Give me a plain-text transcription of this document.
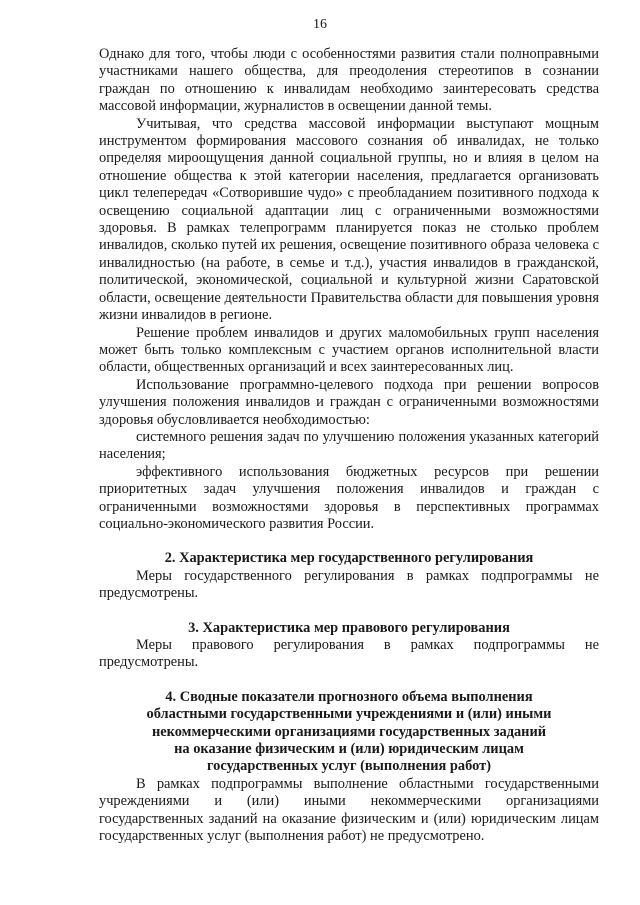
16

Однако для того, чтобы люди с особенностями развития стали полноправными участниками нашего общества, для преодоления стереотипов в сознании граждан по отношению к инвалидам необходимо заинтересовать средства массовой информации, журналистов в освещении данной темы.

Учитывая, что средства массовой информации выступают мощным инструментом формирования массового сознания об инвалидах, не только определяя мироощущения данной социальной группы, но и влияя в целом на отношение общества к этой категории населения, предлагается организовать цикл телепередач «Сотворившие чудо» с преобладанием позитивного подхода к освещению социальной адаптации лиц с ограниченными возможностями здоровья. В рамках телепрограмм планируется показ не столько проблем инвалидов, сколько путей их решения, освещение позитивного образа человека с инвалидностью (на работе, в семье и т.д.), участия инвалидов в гражданской, политической, экономической, социальной и культурной жизни Саратовской области, освещение деятельности Правительства области для повышения уровня жизни инвалидов в регионе.

Решение проблем инвалидов и других маломобильных групп населения может быть только комплексным с участием органов исполнительной власти области, общественных организаций и всех заинтересованных лиц.

Использование программно-целевого подхода при решении вопросов улучшения положения инвалидов и граждан с ограниченными возможностями здоровья обусловливается необходимостью:

системного решения задач по улучшению положения указанных категорий населения;

эффективного использования бюджетных ресурсов при решении приоритетных задач улучшения положения инвалидов и граждан с ограниченными возможностями здоровья в перспективных программах социально-экономического развития России.

2. Характеристика мер государственного регулирования

Меры государственного регулирования в рамках подпрограммы не предусмотрены.

3. Характеристика мер правового регулирования

Меры правового регулирования в рамках подпрограммы не предусмотрены.

4. Сводные показатели прогнозного объема выполнения
областными государственными учреждениями и (или) иными
некоммерческими организациями государственных заданий
на оказание физическим и (или) юридическим лицам
государственных услуг (выполнения работ)

В рамках подпрограммы выполнение областными государственными учреждениями и (или) иными некоммерческими организациями государственных заданий на оказание физическим и (или) юридическим лицам государственных услуг (выполнения работ) не предусмотрено.
